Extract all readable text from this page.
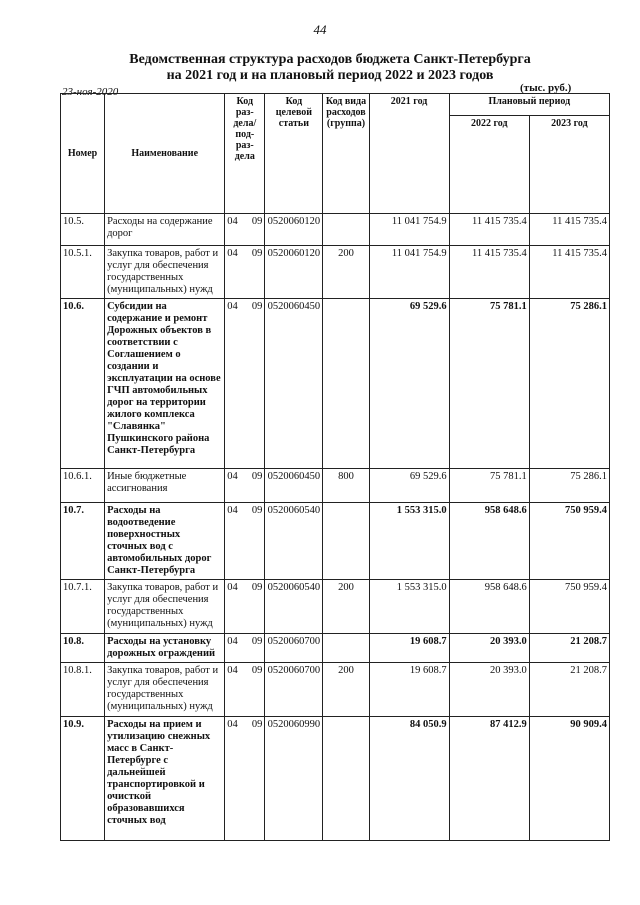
44
Ведомственная структура расходов бюджета Санкт-Петербурга
на 2021 год и на плановый период 2022 и 2023 годов
23-ноя-2020	(тыс. руб.)
Номер	Наименование	Код раз-дела/ под-раз-дела	Код целевой статьи	Код вида расходов (группа)	2021 год	Плановый период	
						2022 год	2023 год
10.5.	Расходы на содержание дорог	04 09	0520060120		11 041 754.9	11 415 735.4	11 415 735.4
10.5.1.	Закупка товаров, работ и услуг для обеспечения государственных (муниципальных) нужд	04 09	0520060120	200	11 041 754.9	11 415 735.4	11 415 735.4
10.6.	Субсидии на содержание и ремонт Дорожных объектов в соответствии с Соглашением о создании и эксплуатации на основе ГЧП автомобильных дорог на территории жилого комплекса "Славянка" Пушкинского района Санкт-Петербурга	04 09	0520060450		69 529.6	75 781.1	75 286.1
10.6.1.	Иные бюджетные ассигнования	04 09	0520060450	800	69 529.6	75 781.1	75 286.1
10.7.	Расходы на водоотведение поверхностных сточных вод с автомобильных дорог Санкт-Петербурга	04 09	0520060540		1 553 315.0	958 648.6	750 959.4
10.7.1.	Закупка товаров, работ и услуг для обеспечения государственных (муниципальных) нужд	04 09	0520060540	200	1 553 315.0	958 648.6	750 959.4
10.8.	Расходы на установку дорожных ограждений	04 09	0520060700		19 608.7	20 393.0	21 208.7
10.8.1.	Закупка товаров, работ и услуг для обеспечения государственных (муниципальных) нужд	04 09	0520060700	200	19 608.7	20 393.0	21 208.7
10.9.	Расходы на прием и утилизацию снежных масс в Санкт-Петербурге с дальнейшей транспортировкой и очисткой образовавшихся сточных вод	04 09	0520060990		84 050.9	87 412.9	90 909.4
